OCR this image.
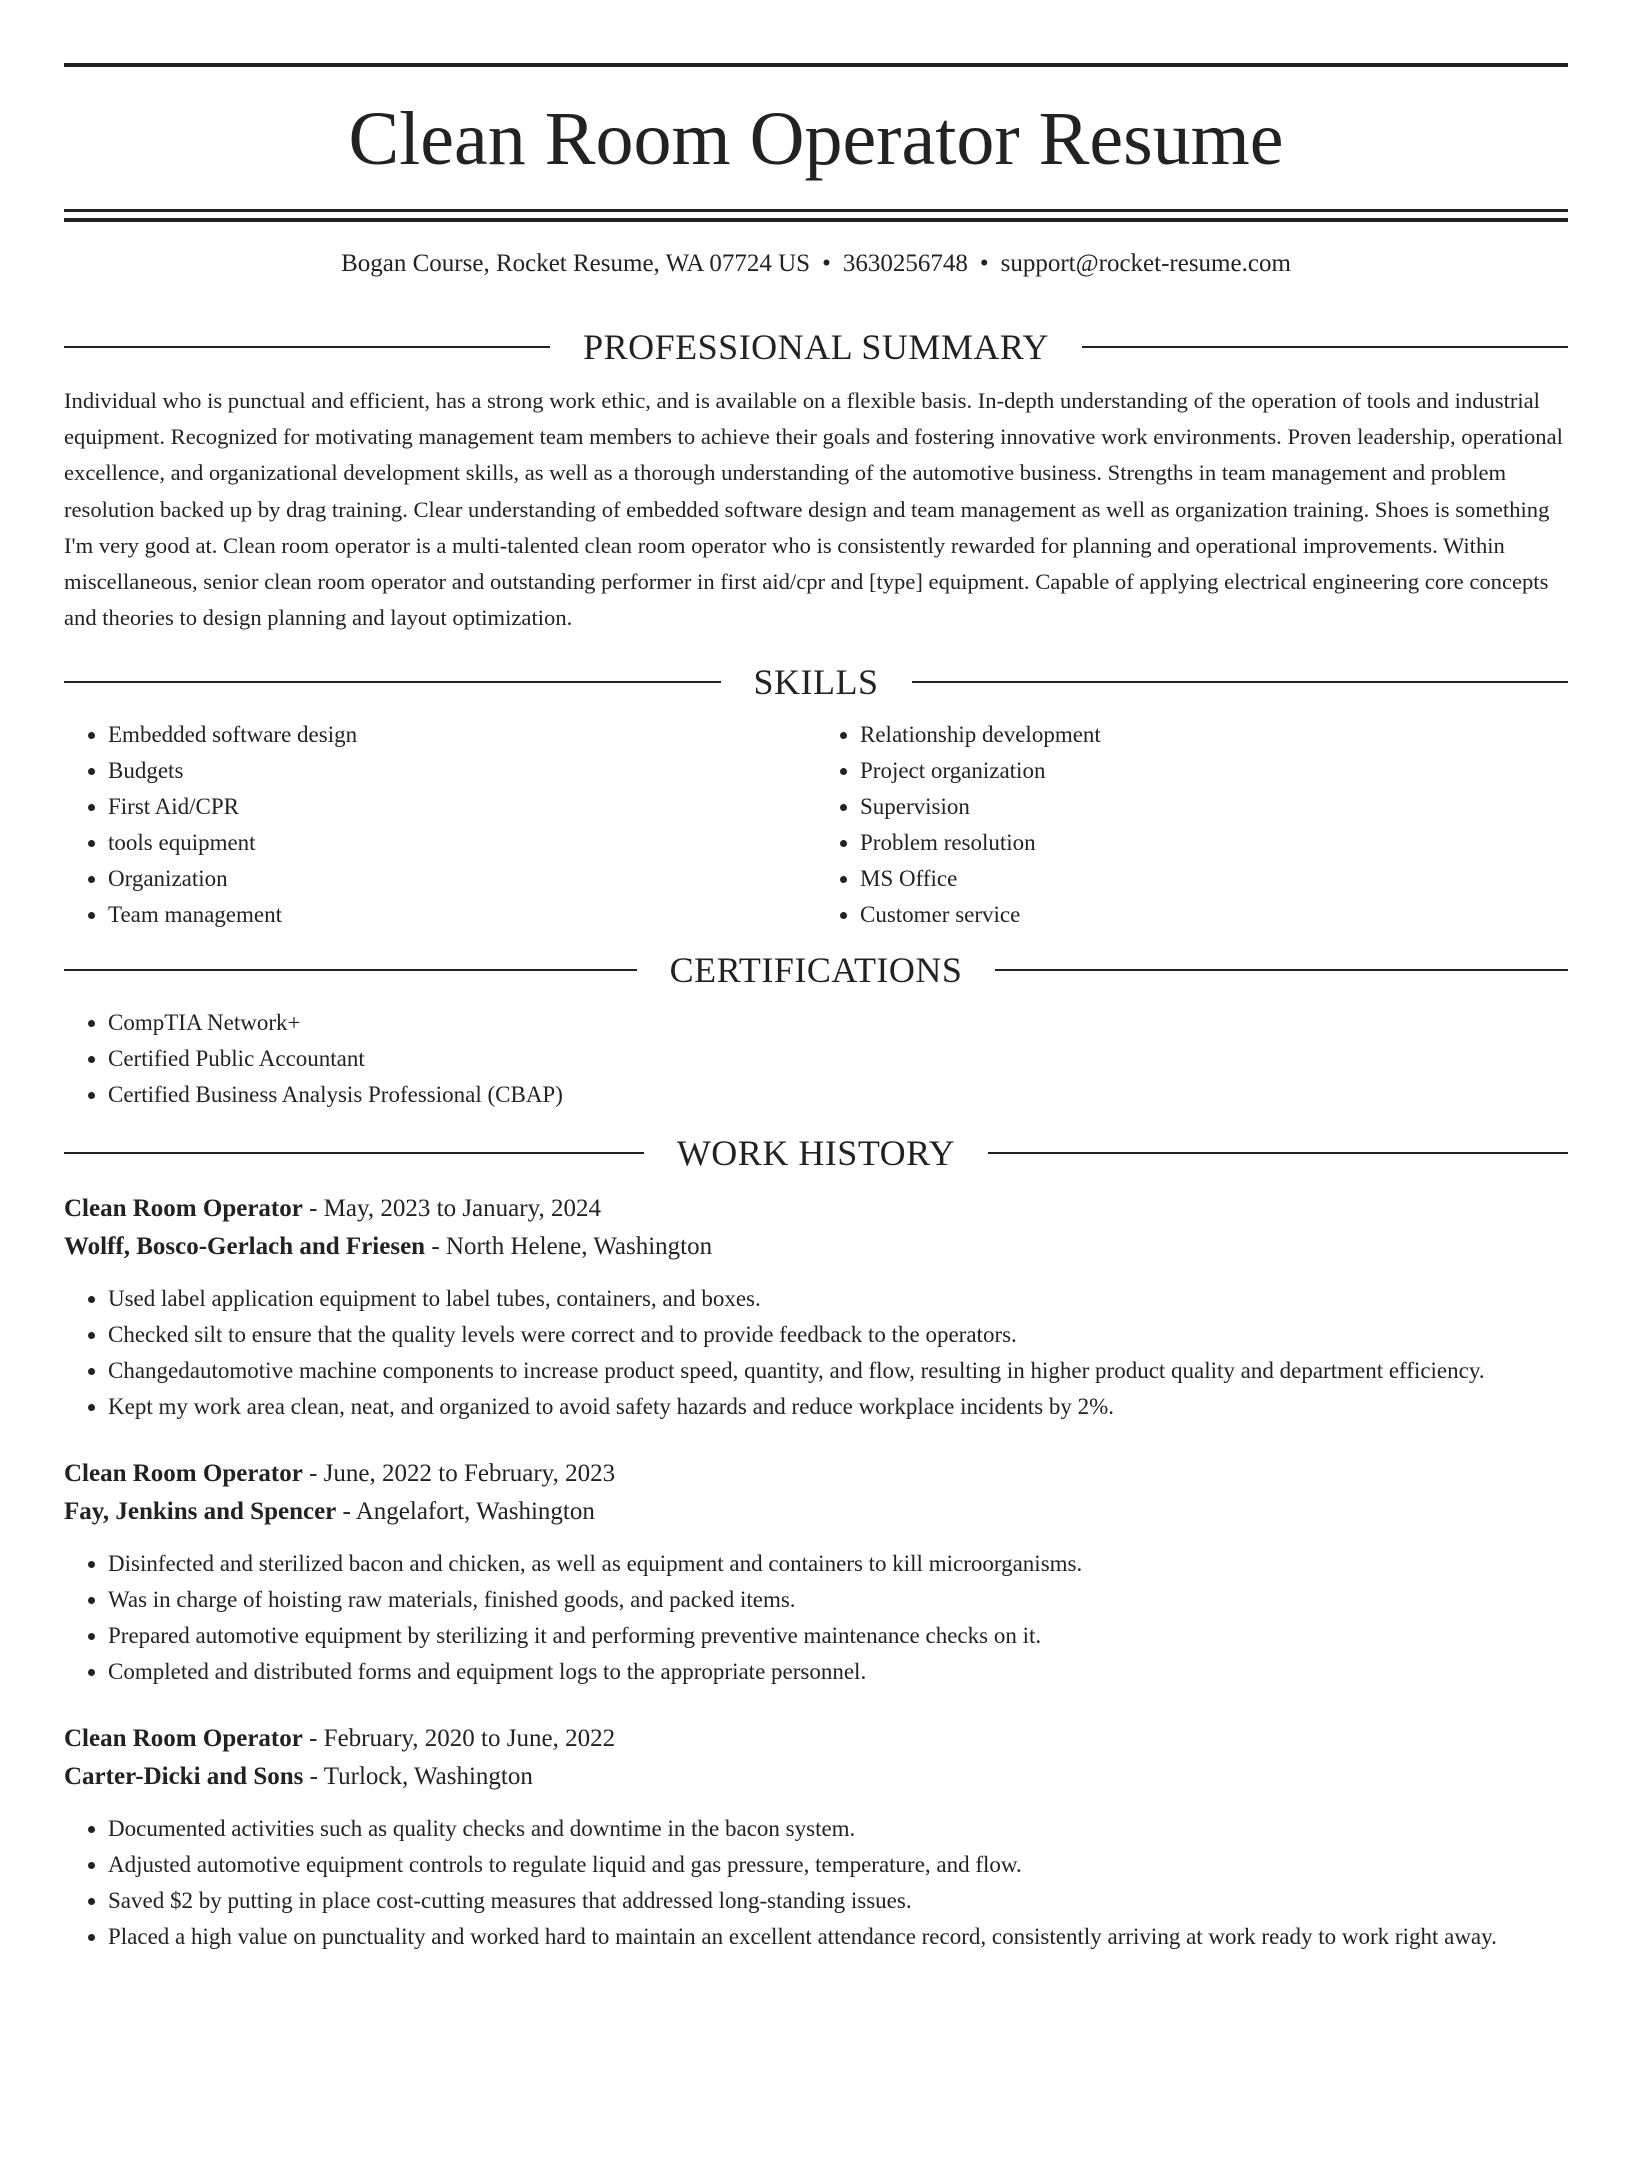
Clean Room Operator Resume
Bogan Course, Rocket Resume, WA 07724 US • 3630256748 • support@rocket-resume.com
PROFESSIONAL SUMMARY
Individual who is punctual and efficient, has a strong work ethic, and is available on a flexible basis. In-depth understanding of the operation of tools and industrial equipment. Recognized for motivating management team members to achieve their goals and fostering innovative work environments. Proven leadership, operational excellence, and organizational development skills, as well as a thorough understanding of the automotive business. Strengths in team management and problem resolution backed up by drag training. Clear understanding of embedded software design and team management as well as organization training. Shoes is something I'm very good at. Clean room operator is a multi-talented clean room operator who is consistently rewarded for planning and operational improvements. Within miscellaneous, senior clean room operator and outstanding performer in first aid/cpr and [type] equipment. Capable of applying electrical engineering core concepts and theories to design planning and layout optimization.
SKILLS
• Embedded software design
• Budgets
• First Aid/CPR
• tools equipment
• Organization
• Team management
• Relationship development
• Project organization
• Supervision
• Problem resolution
• MS Office
• Customer service
CERTIFICATIONS
• CompTIA Network+
• Certified Public Accountant
• Certified Business Analysis Professional (CBAP)
WORK HISTORY
Clean Room Operator - May, 2023 to January, 2024
Wolff, Bosco-Gerlach and Friesen - North Helene, Washington
• Used label application equipment to label tubes, containers, and boxes.
• Checked silt to ensure that the quality levels were correct and to provide feedback to the operators.
• Changedautomotive machine components to increase product speed, quantity, and flow, resulting in higher product quality and department efficiency.
• Kept my work area clean, neat, and organized to avoid safety hazards and reduce workplace incidents by 2%.
Clean Room Operator - June, 2022 to February, 2023
Fay, Jenkins and Spencer - Angelafort, Washington
• Disinfected and sterilized bacon and chicken, as well as equipment and containers to kill microorganisms.
• Was in charge of hoisting raw materials, finished goods, and packed items.
• Prepared automotive equipment by sterilizing it and performing preventive maintenance checks on it.
• Completed and distributed forms and equipment logs to the appropriate personnel.
Clean Room Operator - February, 2020 to June, 2022
Carter-Dicki and Sons - Turlock, Washington
• Documented activities such as quality checks and downtime in the bacon system.
• Adjusted automotive equipment controls to regulate liquid and gas pressure, temperature, and flow.
• Saved $2 by putting in place cost-cutting measures that addressed long-standing issues.
• Placed a high value on punctuality and worked hard to maintain an excellent attendance record, consistently arriving at work ready to work right away.
